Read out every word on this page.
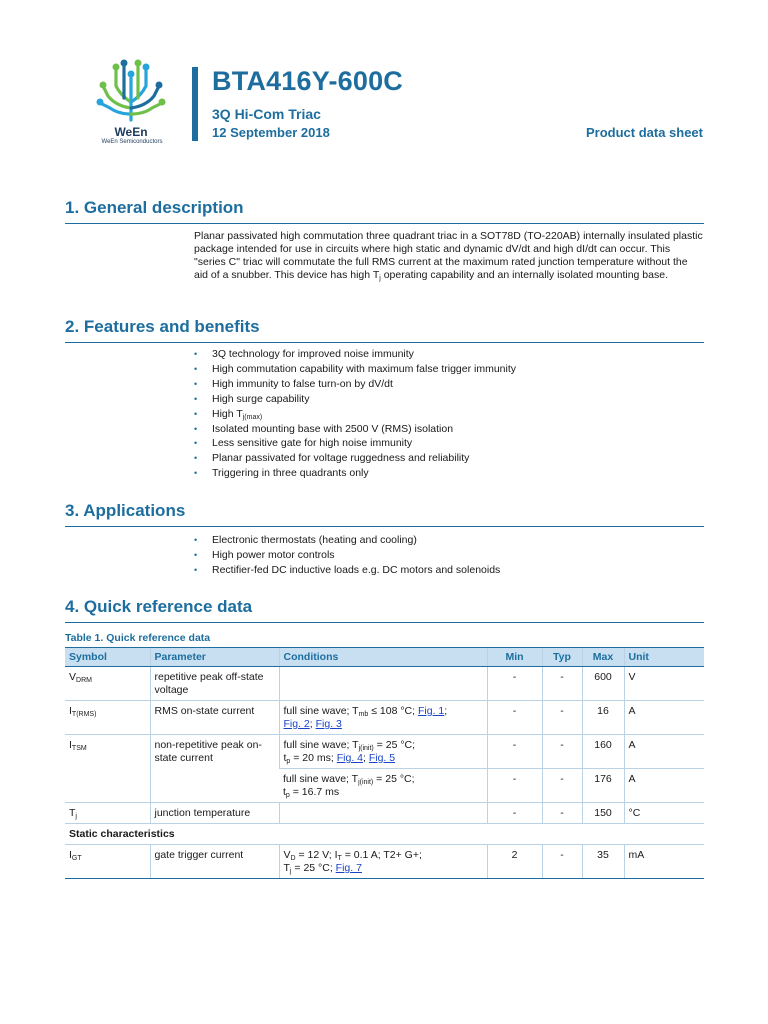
WeEn
WeEn Semiconductors
BTA416Y-600C
3Q Hi-Com Triac
12 September 2018	Product data sheet
1. General description

Planar passivated high commutation three quadrant triac in a SOT78D (TO-220AB) internally insulated plastic package intended for use in circuits where high static and dynamic dV/dt and high dI/dt can occur. This "series C" triac will commutate the full RMS current at the maximum rated junction temperature without the aid of a snubber. This device has high $T_j$ operating capability and an internally isolated mounting base.

2. Features and benefits
• 3Q technology for improved noise immunity
• High commutation capability with maximum false trigger immunity
• High immunity to false turn-on by dV/dt
• High surge capability
• High $T_{j(max)}$
• Isolated mounting base with 2500 V (RMS) isolation
• Less sensitive gate for high noise immunity
• Planar passivated for voltage ruggedness and reliability
• Triggering in three quadrants only
3. Applications
• Electronic thermostats (heating and cooling)
• High power motor controls
• Rectifier-fed DC inductive loads e.g. DC motors and solenoids
4. Quick reference data
Table 1. Quick reference data
Symbol	Parameter	Conditions	Min	Typ	Max	Unit
$V_{DRM}$	repetitive peak off-state voltage		-	-	600	V
$I_{T(RMS)}$	RMS on-state current	full sine wave; $T_{mb} \le 108$ °C; Fig. 1;
Fig. 2; Fig. 3	-	-	16	A
$I_{TSM}$	non-repetitive peak on-state current	full sine wave; $T_{j(init)} = 25$ °C;
$t_p = 20$ ms; Fig. 4; Fig. 5	-	-	160	A
		full sine wave; $T_{j(init)} = 25$ °C;
$t_p = 16.7$ ms	-	-	176	A
$T_j$	junction temperature		-	-	150	°C
Static characteristics						
$I_{GT}$	gate trigger current	$V_D = 12$ V; $I_T = 0.1$ A; T2+ G+;
$T_j = 25$ °C; Fig. 7	2	-	35	mA
